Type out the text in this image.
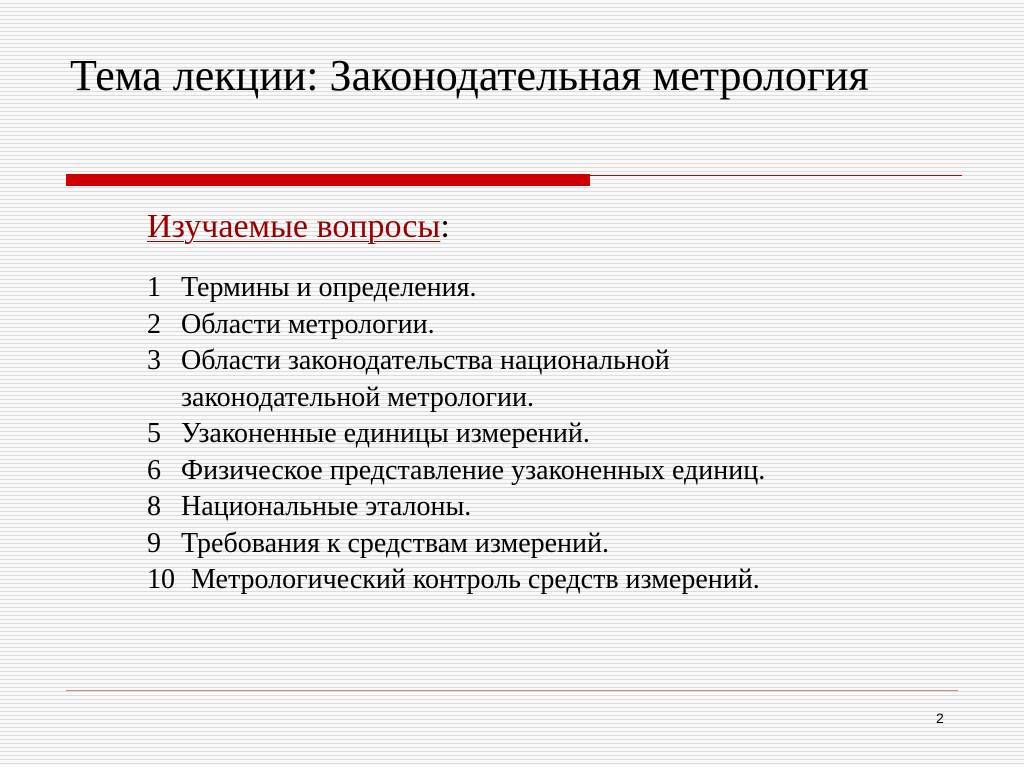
Тема лекции: Законодательная метрология
Изучаемые вопросы:
1 Термины и определения.
2 Области метрологии.
3 Области законодательства национальной
законодательной метрологии.
5 Узаконенные единицы измерений.
6 Физическое представление узаконенных единиц.
8 Национальные эталоны.
9 Требования к средствам измерений.
10 Метрологический контроль средств измерений.
2
